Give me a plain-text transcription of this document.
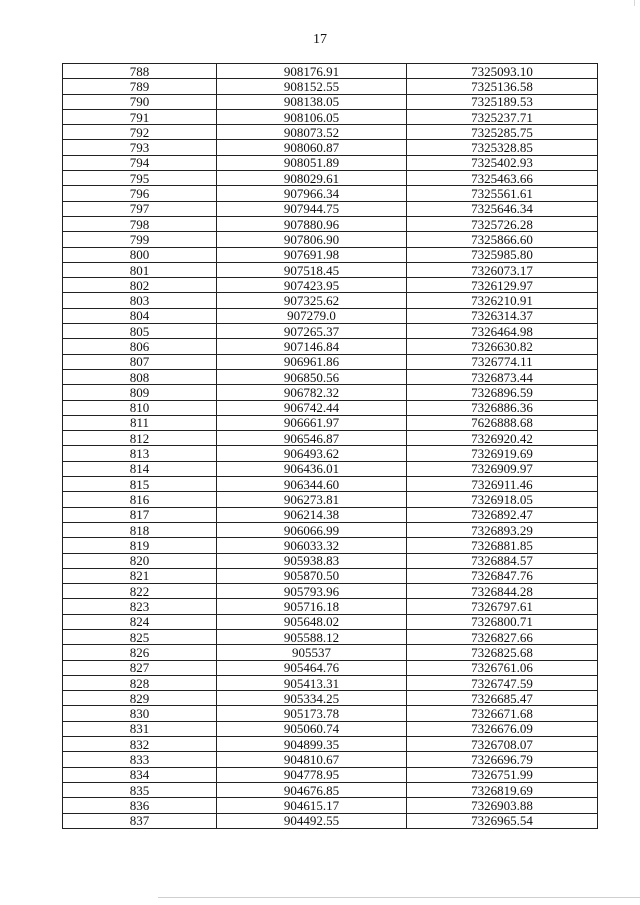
17
788	908176.91	7325093.10
789	908152.55	7325136.58
790	908138.05	7325189.53
791	908106.05	7325237.71
792	908073.52	7325285.75
793	908060.87	7325328.85
794	908051.89	7325402.93
795	908029.61	7325463.66
796	907966.34	7325561.61
797	907944.75	7325646.34
798	907880.96	7325726.28
799	907806.90	7325866.60
800	907691.98	7325985.80
801	907518.45	7326073.17
802	907423.95	7326129.97
803	907325.62	7326210.91
804	907279.0	7326314.37
805	907265.37	7326464.98
806	907146.84	7326630.82
807	906961.86	7326774.11
808	906850.56	7326873.44
809	906782.32	7326896.59
810	906742.44	7326886.36
811	906661.97	7626888.68
812	906546.87	7326920.42
813	906493.62	7326919.69
814	906436.01	7326909.97
815	906344.60	7326911.46
816	906273.81	7326918.05
817	906214.38	7326892.47
818	906066.99	7326893.29
819	906033.32	7326881.85
820	905938.83	7326884.57
821	905870.50	7326847.76
822	905793.96	7326844.28
823	905716.18	7326797.61
824	905648.02	7326800.71
825	905588.12	7326827.66
826	905537	7326825.68
827	905464.76	7326761.06
828	905413.31	7326747.59
829	905334.25	7326685.47
830	905173.78	7326671.68
831	905060.74	7326676.09
832	904899.35	7326708.07
833	904810.67	7326696.79
834	904778.95	7326751.99
835	904676.85	7326819.69
836	904615.17	7326903.88
837	904492.55	7326965.54
